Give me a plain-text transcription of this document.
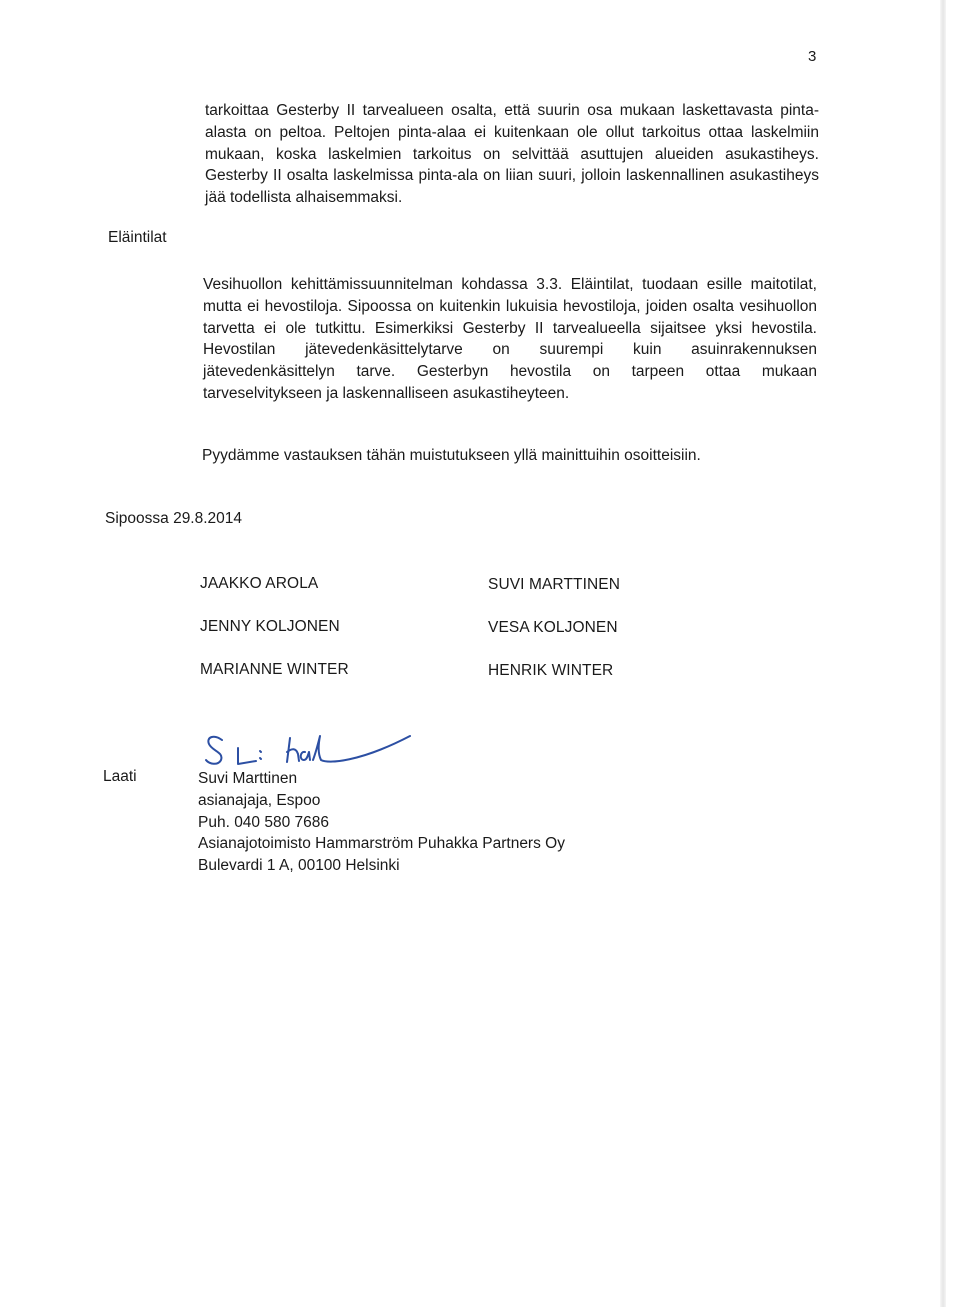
3

tarkoittaa Gesterby II tarvealueen osalta, että suurin osa mukaan laskettavasta pinta-alasta on peltoa. Peltojen pinta-alaa ei kuitenkaan ole ollut tarkoitus ottaa laskelmiin mukaan, koska laskelmien tarkoitus on selvittää asuttujen alueiden asukastiheys. Gesterby II osalta laskelmissa pinta-ala on liian suuri, jolloin laskennallinen asukastiheys jää todellista alhaisemmaksi.

Eläintilat

Vesihuollon kehittämissuunnitelman kohdassa 3.3. Eläintilat, tuodaan esille maitotilat, mutta ei hevostiloja. Sipoossa on kuitenkin lukuisia hevostiloja, joiden osalta vesihuollon tarvetta ei ole tutkittu. Esimerkiksi Gesterby II tarvealueella sijaitsee yksi hevostila. Hevostilan jätevedenkäsittelytarve on suurempi kuin asuinrakennuksen jätevedenkäsittelyn tarve. Gesterbyn hevostila on tarpeen ottaa mukaan tarveselvitykseen ja laskennalliseen asukastiheyteen.

Pyydämme vastauksen tähän muistutukseen yllä mainittuihin osoitteisiin.
Sipoossa 29.8.2014
JAAKKO AROLA
JENNY KOLJONEN
MARIANNE WINTER
SUVI MARTTINEN
VESA KOLJONEN
HENRIK WINTER
Laati	Suvi Marttinen
asianajaja, Espoo
Puh. 040 580 7686
Asianajotoimisto Hammarström Puhakka Partners Oy
Bulevardi 1 A, 00100 Helsinki
